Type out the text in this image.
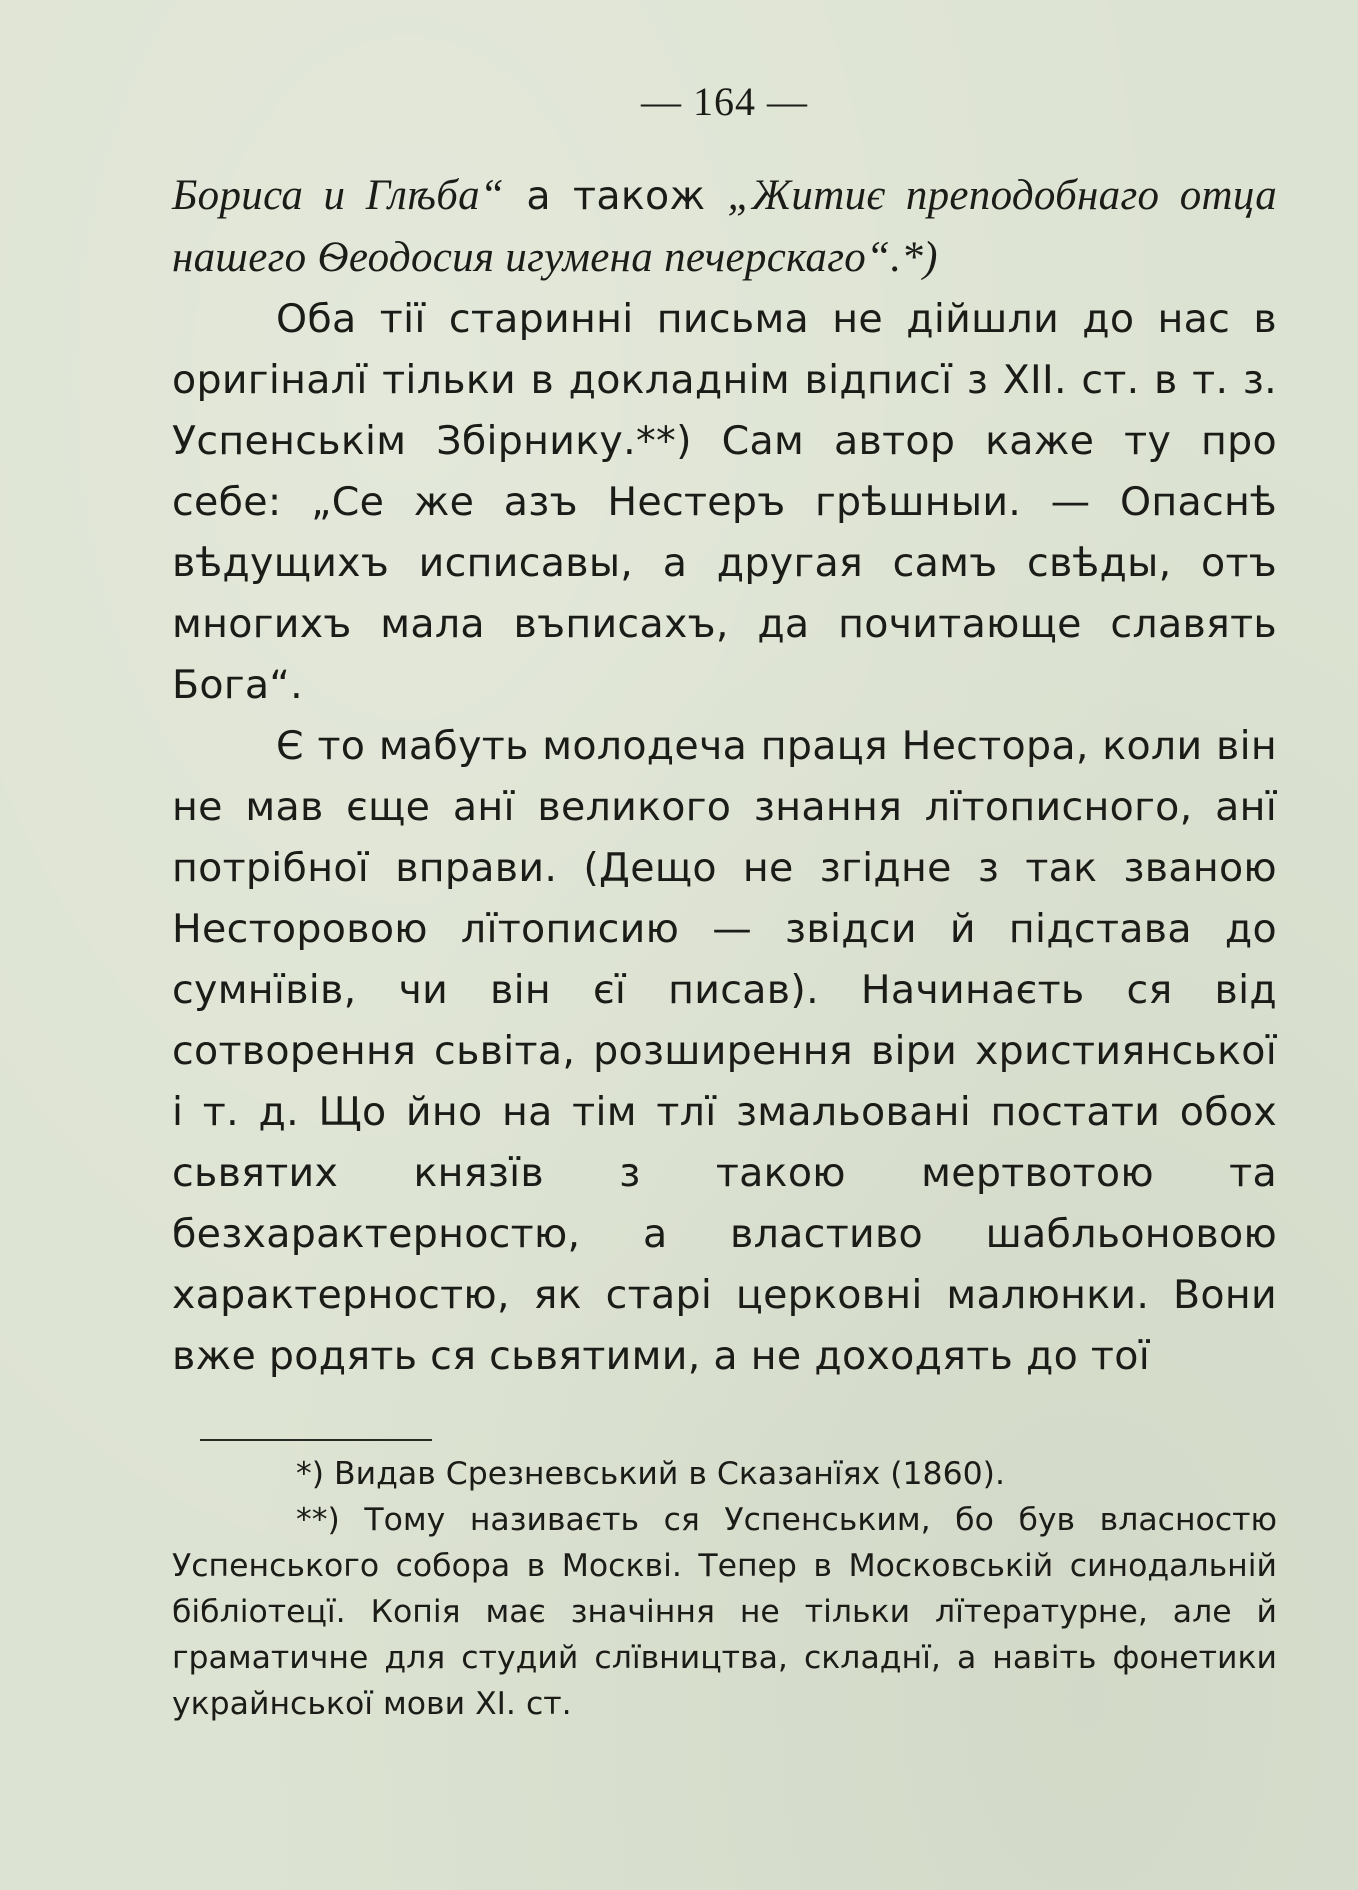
— 164 —

Бориса и Глѣба“ а також „Житиє преподобнаго отца нашего Ѳеодосия игумена печерскаго“.*)

Оба тії старинні письма не дійшли до нас в оригіналї тільки в докладнім відписї з XII. ст. в т. з. Успенськім Збірнику.**) Сам автор каже ту про себе: „Се же азъ Нестеръ грѣшныи. — Опаснѣ вѣдущихъ исписавы, а другая самъ свѣды, отъ многихъ мала въписахъ, да почитающе славять Бога“.

Є то мабуть молодеча праця Нестора, коли він не мав єще анї великого знання лїтописного, анї потрібної вправи. (Дещо не згідне з так званою Несторовою лїтописию — звідси й підстава до сумнївів, чи він єї писав). Начинаєть ся від сотворення сьвіта, розширення віри християнської і т. д. Що йно на тім тлї змальовані постати обох сьвятих князїв з такою мертвотою та безхарактерностю, а властиво шабльоновою характерностю, як старі церковні малюнки. Вони вже родять ся сьвятими, а не доходять до тої

*) Видав Срезневський в Сказанїях (1860).

**) Тому називаєть ся Успенським, бо був власностю Успенського собора в Москві. Тепер в Московській синодальній бібліотецї. Копія має значіння не тільки лїтературне, але й граматичне для студий слївництва, складнї, а навіть фонетики украйнської мови XI. ст.
